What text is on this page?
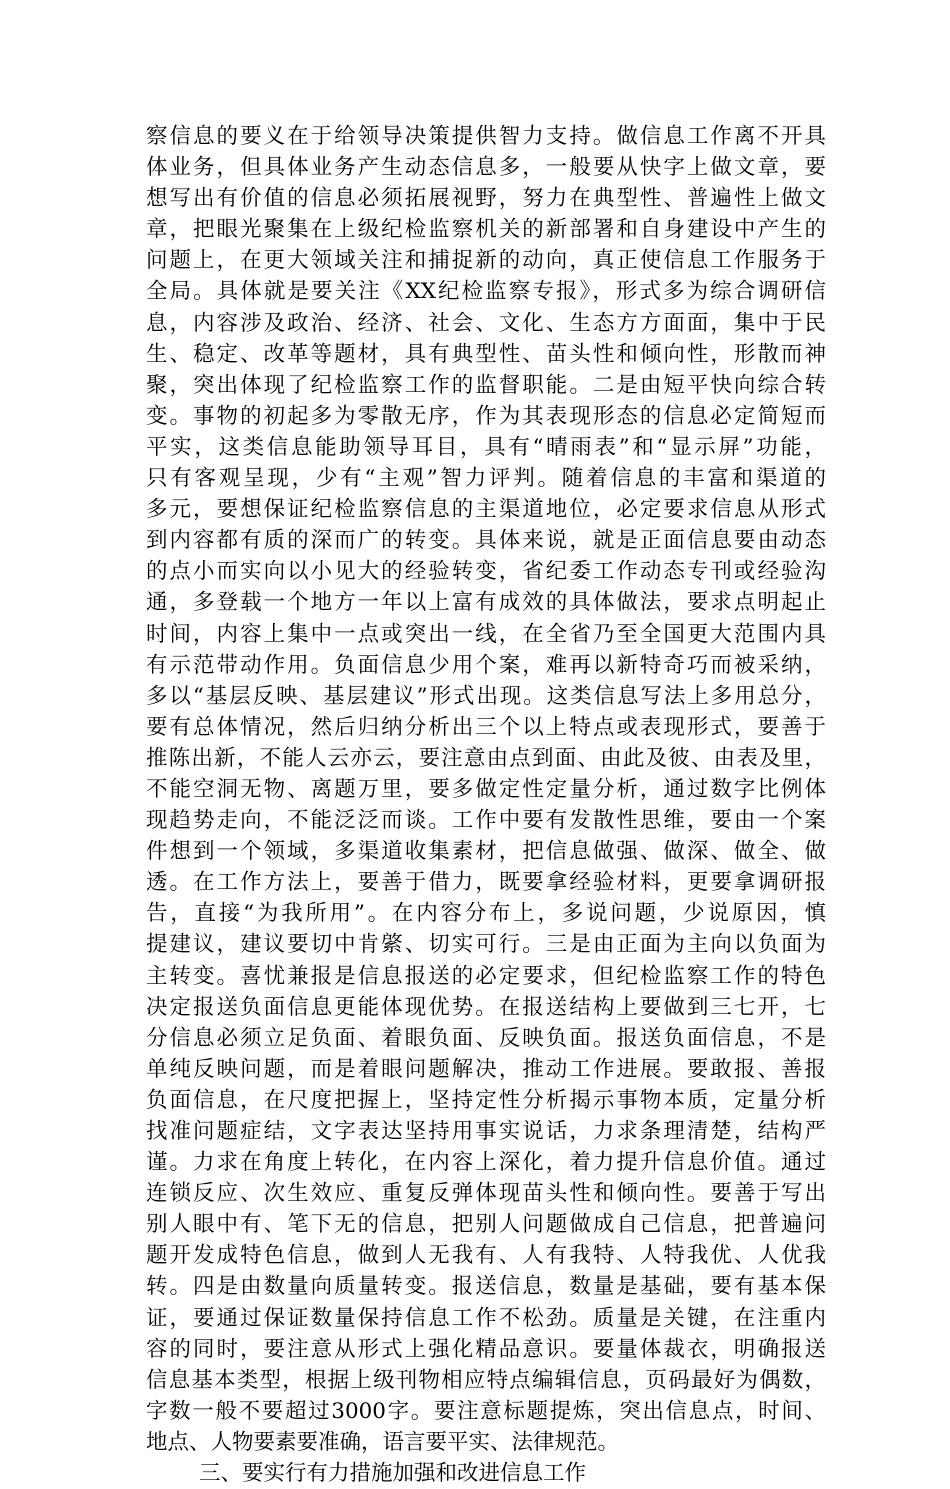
察信息的要义在于给领导决策提供智力支持。做信息工作离不开具
体业务，但具体业务产生动态信息多，一般要从快字上做文章，要
想写出有价值的信息必须拓展视野，努力在典型性、普遍性上做文
章，把眼光聚集在上级纪检监察机关的新部署和自身建设中产生的
问题上，在更大领域关注和捕捉新的动向，真正使信息工作服务于
全局。具体就是要关注《XX纪检监察专报》，形式多为综合调研信
息，内容涉及政治、经济、社会、文化、生态方方面面，集中于民
生、稳定、改革等题材，具有典型性、苗头性和倾向性，形散而神
聚，突出体现了纪检监察工作的监督职能。二是由短平快向综合转
变。事物的初起多为零散无序，作为其表现形态的信息必定简短而
平实，这类信息能助领导耳目，具有“晴雨表”和“显示屏”功能，
只有客观呈现，少有“主观”智力评判。随着信息的丰富和渠道的
多元，要想保证纪检监察信息的主渠道地位，必定要求信息从形式
到内容都有质的深而广的转变。具体来说，就是正面信息要由动态
的点小而实向以小见大的经验转变，省纪委工作动态专刊或经验沟
通，多登载一个地方一年以上富有成效的具体做法，要求点明起止
时间，内容上集中一点或突出一线，在全省乃至全国更大范围内具
有示范带动作用。负面信息少用个案，难再以新特奇巧而被采纳，
多以“基层反映、基层建议”形式出现。这类信息写法上多用总分，
要有总体情况，然后归纳分析出三个以上特点或表现形式，要善于
推陈出新，不能人云亦云，要注意由点到面、由此及彼、由表及里，
不能空洞无物、离题万里，要多做定性定量分析，通过数字比例体
现趋势走向，不能泛泛而谈。工作中要有发散性思维，要由一个案
件想到一个领域，多渠道收集素材，把信息做强、做深、做全、做
透。在工作方法上，要善于借力，既要拿经验材料，更要拿调研报
告，直接“为我所用”。在内容分布上，多说问题，少说原因，慎
提建议，建议要切中肯綮、切实可行。三是由正面为主向以负面为
主转变。喜忧兼报是信息报送的必定要求，但纪检监察工作的特色
决定报送负面信息更能体现优势。在报送结构上要做到三七开，七
分信息必须立足负面、着眼负面、反映负面。报送负面信息，不是
单纯反映问题，而是着眼问题解决，推动工作进展。要敢报、善报
负面信息，在尺度把握上，坚持定性分析揭示事物本质，定量分析
找准问题症结，文字表达坚持用事实说话，力求条理清楚，结构严
谨。力求在角度上转化，在内容上深化，着力提升信息价值。通过
连锁反应、次生效应、重复反弹体现苗头性和倾向性。要善于写出
别人眼中有、笔下无的信息，把别人问题做成自己信息，把普遍问
题开发成特色信息，做到人无我有、人有我特、人特我优、人优我
转。四是由数量向质量转变。报送信息，数量是基础，要有基本保
证，要通过保证数量保持信息工作不松劲。质量是关键，在注重内
容的同时，要注意从形式上强化精品意识。要量体裁衣，明确报送
信息基本类型，根据上级刊物相应特点编辑信息，页码最好为偶数，
字数一般不要超过3000字。要注意标题提炼，突出信息点，时间、
地点、人物要素要准确，语言要平实、法律规范。
三、要实行有力措施加强和改进信息工作
